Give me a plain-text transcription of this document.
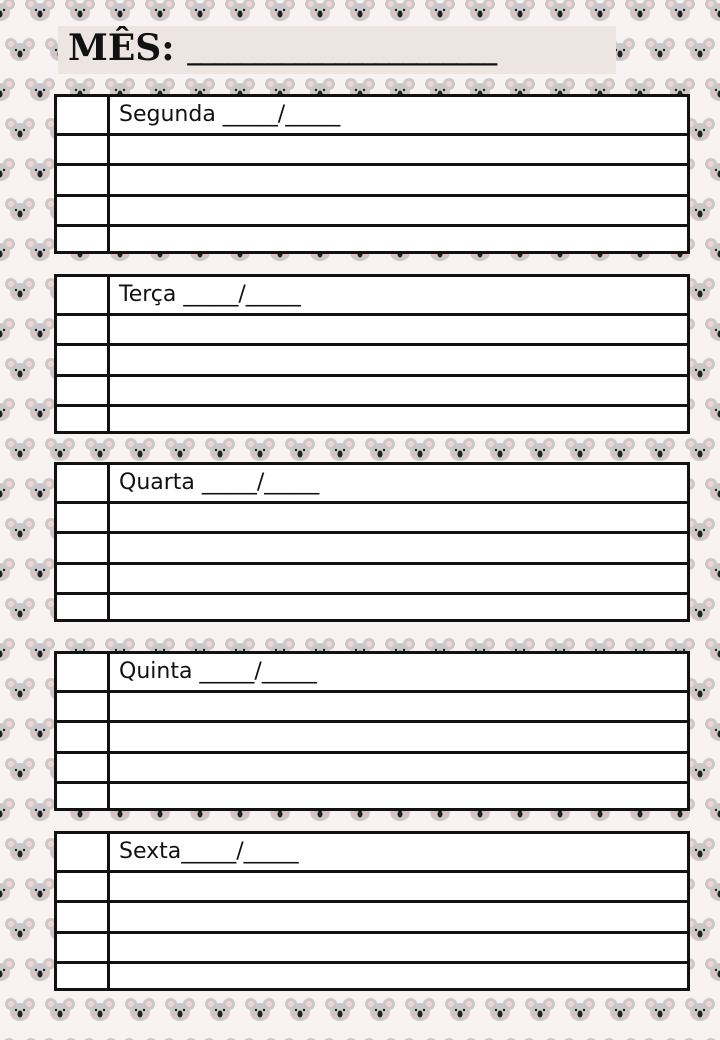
MÊS: _______________________
Segunda _____/_____
Terça _____/_____
Quarta _____/_____
Quinta _____/_____
Sexta_____/_____
